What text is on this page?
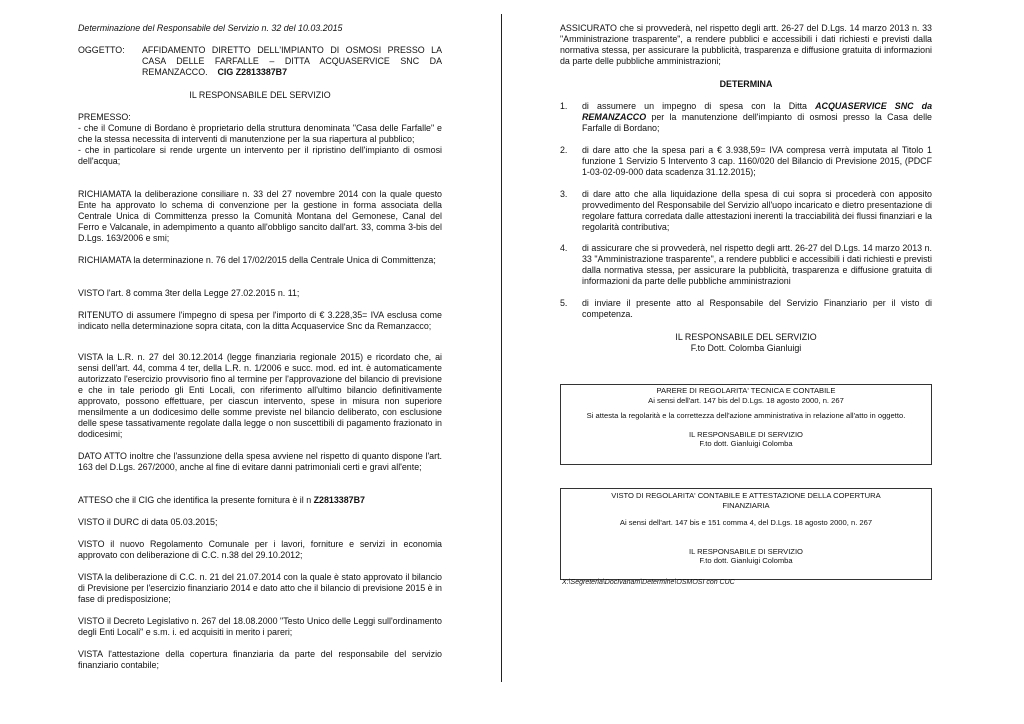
Determinazione del Responsabile del Servizio n. 32 del 10.03.2015
OGGETTO: AFFIDAMENTO DIRETTO DELL'IMPIANTO DI OSMOSI PRESSO LA CASA DELLE FARFALLE – DITTA ACQUASERVICE SNC DA REMANZACCO. CIG Z2813387B7
IL RESPONSABILE DEL SERVIZIO

PREMESSO:

- che il Comune di Bordano è proprietario della struttura denominata "Casa delle Farfalle" e che la stessa necessita di interventi di manutenzione per la sua riapertura al pubblico;

- che in particolare si rende urgente un intervento per il ripristino dell'impianto di osmosi dell'acqua;

RICHIAMATA la deliberazione consiliare n. 33 del 27 novembre 2014 con la quale questo Ente ha approvato lo schema di convenzione per la gestione in forma associata della Centrale Unica di Committenza presso la Comunità Montana del Gemonese, Canal del Ferro e Valcanale, in adempimento a quanto all'obbligo sancito dall'art. 33, comma 3-bis del D.Lgs. 163/2006 e smi;

RICHIAMATA la determinazione n. 76 del 17/02/2015 della Centrale Unica di Committenza;

VISTO l'art. 8 comma 3ter della Legge 27.02.2015 n. 11;

RITENUTO di assumere l'impegno di spesa per l'importo di € 3.228,35= IVA esclusa come indicato nella determinazione sopra citata, con la ditta Acquaservice Snc da Remanzacco;

VISTA la L.R. n. 27 del 30.12.2014 (legge finanziaria regionale 2015) e ricordato che, ai sensi dell'art. 44, comma 4 ter, della L.R. n. 1/2006 e succ. mod. ed int. è automaticamente autorizzato l'esercizio provvisorio fino al termine per l'approvazione del bilancio di previsione e che in tale periodo gli Enti Locali, con riferimento all'ultimo bilancio definitivamente approvato, possono effettuare, per ciascun intervento, spese in misura non superiore mensilmente a un dodicesimo delle somme previste nel bilancio deliberato, con esclusione delle spese tassativamente regolate dalla legge o non suscettibili di pagamento frazionato in dodicesimi;

DATO ATTO inoltre che l'assunzione della spesa avviene nel rispetto di quanto dispone l'art. 163 del D.Lgs. 267/2000, anche al fine di evitare danni patrimoniali certi e gravi all'ente;

ATTESO che il CIG che identifica la presente fornitura è il n Z2813387B7

VISTO il DURC di data 05.03.2015;

VISTO il nuovo Regolamento Comunale per i lavori, forniture e servizi in economia approvato con deliberazione di C.C. n.38 del 29.10.2012;

VISTA la deliberazione di C.C. n. 21 del 21.07.2014 con la quale è stato approvato il bilancio di Previsione per l'esercizio finanziario 2014 e dato atto che il bilancio di previsione 2015 è in fase di predisposizione;

VISTO il Decreto Legislativo n. 267 del 18.08.2000 "Testo Unico delle Leggi sull'ordinamento degli Enti Locali" e s.m. i. ed acquisiti in merito i pareri;

VISTA l'attestazione della copertura finanziaria da parte del responsabile del servizio finanziario contabile;

ASSICURATO che si provvederà, nel rispetto degli artt. 26-27 del D.Lgs. 14 marzo 2013 n. 33 "Amministrazione trasparente", a rendere pubblici e accessibili i dati richiesti e previsti dalla normativa stessa, per assicurare la pubblicità, trasparenza e diffusione gratuita di informazioni da parte delle pubbliche amministrazioni;

DETERMINA

1. di assumere un impegno di spesa con la Ditta ACQUASERVICE SNC da REMANZACCO per la manutenzione dell'impianto di osmosi presso la Casa delle Farfalle di Bordano;
2. di dare atto che la spesa pari a € 3.938,59= IVA compresa verrà imputata al Titolo 1 funzione 1 Servizio 5 Intervento 3 cap. 1160/020 del Bilancio di Previsione 2015, (PDCF 1-03-02-09-000 data scadenza 31.12.2015);
3. di dare atto che alla liquidazione della spesa di cui sopra si procederà con apposito provvedimento del Responsabile del Servizio all'uopo incaricato e dietro presentazione di regolare fattura corredata dalle attestazioni inerenti la tracciabilità dei flussi finanziari e la regolarità contributiva;
4. di assicurare che si provvederà, nel rispetto degli artt. 26-27 del D.Lgs. 14 marzo 2013 n. 33 "Amministrazione trasparente", a rendere pubblici e accessibili i dati richiesti e previsti dalla normativa stessa, per assicurare la pubblicità, trasparenza e diffusione gratuita di informazioni da parte delle pubbliche amministrazioni
5. di inviare il presente atto al Responsabile del Servizio Finanziario per il visto di competenza.

IL RESPONSABILE DEL SERVIZIO

F.to Dott. Colomba Gianluigi

PARERE DI REGOLARITA' TECNICA E CONTABILE
Ai sensi dell'art. 147 bis del D.Lgs. 18 agosto 2000, n. 267
Si attesta la regolarità e la correttezza dell'azione amministrativa in relazione all'atto in oggetto.
IL RESPONSABILE DI SERVIZIO
F.to dott. Gianluigi Colomba
VISTO DI REGOLARITA' CONTABILE E ATTESTAZIONE DELLA COPERTURA FINANZIARIA
Ai sensi dell'art. 147 bis e 151 comma 4, del D.Lgs. 18 agosto 2000, n. 267
IL RESPONSABILE DI SERVIZIO
F.to dott. Gianluigi Colomba
X:\Segreteria\DocIvanam\Determine\OSMOSI con CUC
